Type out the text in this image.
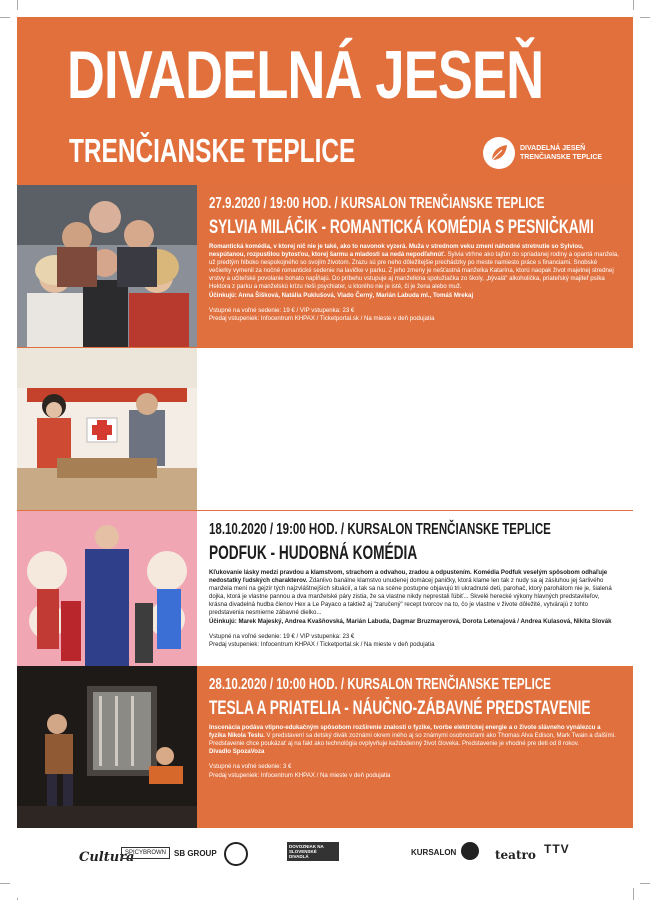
DIVADELNÁ JESEŇ
TRENČIANSKE TEPLICE	DIVADELNÁ JESEŇ
TRENČIANSKE TEPLICE
27.9.2020 / 19:00 HOD. / KURSALON TRENČIANSKE TEPLICE
SYLVIA MILÁČIK - ROMANTICKÁ KOMÉDIA S PESNIČKAMI
Romantická komédia, v ktorej nič nie je také, ako to navonok vyzerá. Muža v strednom veku zmení náhodné stretnutie so Sylviou, nespútanou, rozpustilou bytosťou, ktorej šarmu a mladosti sa nedá nepodľahnúť. Sylvia vtrhne ako tajfún do spriadanej rodiny a opantá manžela, už predtým hlboko nespokojného so svojím životom. Zrazu sú pre neho dôležitejšie prechádzky po meste namiesto práce s financiami. Snobské večierky vymenil za nočné romantické sedenie na lavičke v parku. Z jeho zmeny je nešťastná manželka Katarína, ktorú naopak život majetnej strednej vrstvy a učiteľské povolanie bohato napĺňajú. Do príbehu vstupuje aj manželkina spolužiačka zo školy, „bývalá“ alkoholička, priateľský majiteľ psíka Hektora z parku a manželskú krízu rieši psychiater, u ktorého nie je isté, či je žena alebo muž.
Účinkujú: Anna Šišková, Natália Puklušová, Vlado Černý, Marián Labuda ml., Tomáš Mrekaj
Vstupné na voľné sedenie: 19 € / VIP vstupenka: 23 €
Predaj vstupeniek: Infocentrum KHPAX / Ticketportal.sk / Na mieste v deň podujatia
5.10.2020 / 10:00 HOD. / KURSALON TRENČIANSKE TEPLICE
O PSÍKOVI A MAČIČKE – ZÁBAVNO-POUČNÁ ROZPRÁVKA
Mačka Micka lieči svojich prvých pacientov a pomoc bude potrebovať aj od vás – prítomných detičiek. Spoločne pomôžu moriakovi s raneným krídelkom a naučia ho chodiť cez cestu, poriadia pánovi krtkovi pri výbere okuliarov a dúfajme, že presvedčia prasiatko, aby sa konečne okúpalo! Toto rozhodne nie je psíček a mačička, ako ich poznáte! Naša mačka Micka sa práve stala doktorkou a čaká ju prvý deň vo svojej ordinácii. Kamarát psík Bodrík jej ochotne pomáha „ako sanitka“ pri prvých pacientoch. Spoločne (aj s deťmi) naprieľad pomôžu moriakovi, pánovi krtkovi, strateného prasiatku. Františkovi a doktorka Micka si nakoniec poradí aj s bolavým zúbkom psíka Bodríka. Zábavno-poučná rozprávka je vhodná pre deti od troch rokov.
Divadlo Kapor na scéne
Vstupné na voľné sedenie: 3€
Predaj vstupeniek: Infocentrum KHPAX / Na mieste v deň podujatia
18.10.2020 / 19:00 HOD. / KURSALON TRENČIANSKE TEPLICE
PODFUK - HUDOBNÁ KOMÉDIA
Kľukovanie lásky medzi pravdou a klamstvom, strachom a odvahou, zradou a odpustením. Komédia Podfuk veselým spôsobom odhaľuje nedostatky ľudských charakterov. Zdanlivo banálne klamstvo unudenej domácej paničky, ktorá klame len tak z nudy sa aj zásluhou jej šarlivého manžela mení na gejzír tých najzvláštnejších situácií, a tak sa na scéne postupne objavujú tri ukradnuté deti, parohač, ktorý parohátom nie je, šialená dojka, ktorá je vlastne pannou a dva manželské páry zistia, že sa vlastne nikdy neprestali ľúbiť... Skvelé herecké výkony hlavných predstaviteľov, krásna divadelná hudba členov Hex a Le Payaco a taktiež aj "zaručený" recept tvorcov na to, čo je vlastne v živote dôležité, vytvárajú z tohto predstavenia nesmierne zábavné dielko...
Účinkujú: Marek Majeský, Andrea Kvašňovská, Marián Labuda, Dagmar Bruzmayerová, Dorota Letenajová / Andrea Kulasová, Nikita Slovák
Vstupné na voľné sedenie: 19 € / VIP vstupenka: 23 €
Predaj vstupeniek: Infocentrum KHPAX / Ticketportal.sk / Na mieste v deň podujatia
28.10.2020 / 10:00 HOD. / KURSALON TRENČIANSKE TEPLICE
TESLA A PRIATELIA - NÁUČNO-ZÁBAVNÉ PREDSTAVENIE
Inscenácia podáva vtipno-edukačným spôsobom rozšírenie znalostí o fyzike, tvorbe elektrickej energie a o živote slávneho vynálezcu a fyzika Nikola Teslu. V predstavení sa detský divák zoznámi okrem iného aj so známymi osobnosťami ako Thomas Alva Edison, Mark Twain a ďalšími. Predstavenie chce poukázať aj na fakt ako technológia ovplyvňuje každodenný život človeka. Predstavenie je vhodné pre deti od 8 rokov.
Divadlo SpozaVoza
Vstupné na voľné sedenie: 3 €
Predaj vstupeniek: Infocentrum KHPAX / Na mieste v deň podujatia
Cultura
SPICYBROWN SB GROUP
DOVOZNIAK NA SLOVENSKÉ DIVADLÁ	KURSALON	teatro TTV
